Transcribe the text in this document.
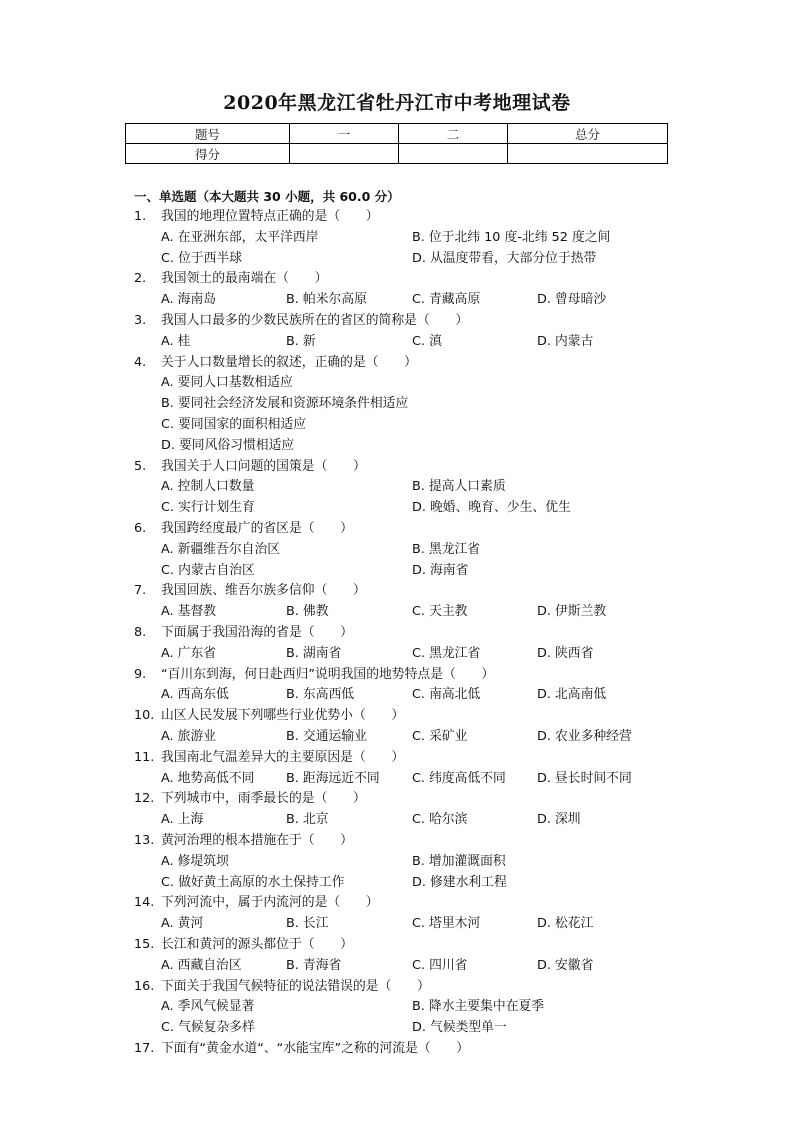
2020年黑龙江省牡丹江市中考地理试卷
题号	一	二	总分
得分			
一、单选题（本大题共 30 小题，共 60.0 分）
1. 我国的地理位置特点正确的是（　　）
A. 在亚洲东部，太平洋西岸	B. 位于北纬 10 度-北纬 52 度之间
C. 位于西半球	D. 从温度带看，大部分位于热带
2. 我国领土的最南端在（　　）
A. 海南岛	B. 帕米尔高原	C. 青藏高原	D. 曾母暗沙
3. 我国人口最多的少数民族所在的省区的简称是（　　）
A. 桂	B. 新	C. 滇	D. 内蒙古
4. 关于人口数量增长的叙述，正确的是（　　）
A. 要同人口基数相适应
B. 要同社会经济发展和资源环境条件相适应
C. 要同国家的面积相适应
D. 要同风俗习惯相适应
5. 我国关于人口问题的国策是（　　）
A. 控制人口数量	B. 提高人口素质
C. 实行计划生育	D. 晚婚、晚育、少生、优生
6. 我国跨经度最广的省区是（　　）
A. 新疆维吾尔自治区	B. 黑龙江省
C. 内蒙古自治区	D. 海南省
7. 我国回族、维吾尔族多信仰（　　）
A. 基督教	B. 佛教	C. 天主教	D. 伊斯兰教
8. 下面属于我国沿海的省是（　　）
A. 广东省	B. 湖南省	C. 黑龙江省	D. 陕西省
9. “百川东到海，何日赴西归”说明我国的地势特点是（　　）
A. 西高东低	B. 东高西低	C. 南高北低	D. 北高南低
10. 山区人民发展下列哪些行业优势小（　　）
A. 旅游业	B. 交通运输业	C. 采矿业	D. 农业多种经营
11. 我国南北气温差异大的主要原因是（　　）
A. 地势高低不同 B. 距海远近不同	C. 纬度高低不同 D. 昼长时间不同
12. 下列城市中，雨季最长的是（　　）
A. 上海	B. 北京	C. 哈尔滨	D. 深圳
13. 黄河治理的根本措施在于（　　）
A. 修堤筑坝	B. 增加灌溉面积
C. 做好黄土高原的水土保持工作	D. 修建水利工程
14. 下列河流中，属于内流河的是（　　）
A. 黄河	B. 长江	C. 塔里木河	D. 松花江
15. 长江和黄河的源头都位于（　　）
A. 西藏自治区	B. 青海省	C. 四川省	D. 安徽省
16. 下面关于我国气候特征的说法错误的是（　　）
A. 季风气候显著	B. 降水主要集中在夏季
C. 气候复杂多样	D. 气候类型单一
17. 下面有“黄金水道“、“水能宝库”之称的河流是（　　）
